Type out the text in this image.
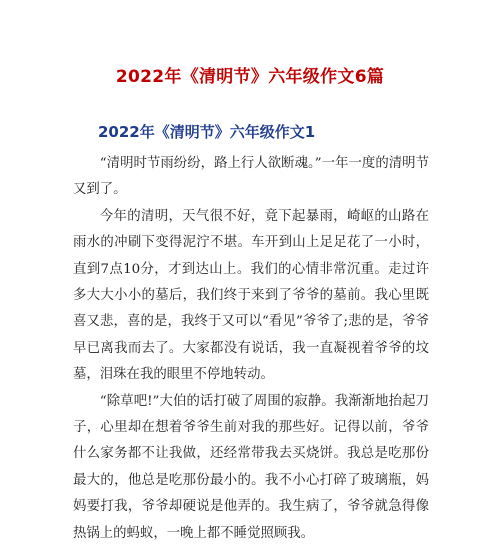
2022年《清明节》六年级作文6篇
2022年《清明节》六年级作文1

“清明时节雨纷纷，路上行人欲断魂。”一年一度的清明节又到了。

今年的清明，天气很不好，竟下起暴雨，崎岖的山路在雨水的冲刷下变得泥泞不堪。车开到山上足足花了一小时，直到7点10分，才到达山上。我们的心情非常沉重。走过许多大大小小的墓后，我们终于来到了爷爷的墓前。我心里既喜又悲，喜的是，我终于又可以“看见”爷爷了;悲的是，爷爷早已离我而去了。大家都没有说话，我一直凝视着爷爷的坟墓，泪珠在我的眼里不停地转动。

“除草吧!”大伯的话打破了周围的寂静。我渐渐地抬起刀子，心里却在想着爷爷生前对我的那些好。记得以前，爷爷什么家务都不让我做，还经常带我去买烧饼。我总是吃那份最大的，他总是吃那份最小的。我不小心打碎了玻璃瓶，妈妈要打我，爷爷却硬说是他弄的。我生病了，爷爷就急得像热锅上的蚂蚁，一晚上都不睡觉照顾我。
